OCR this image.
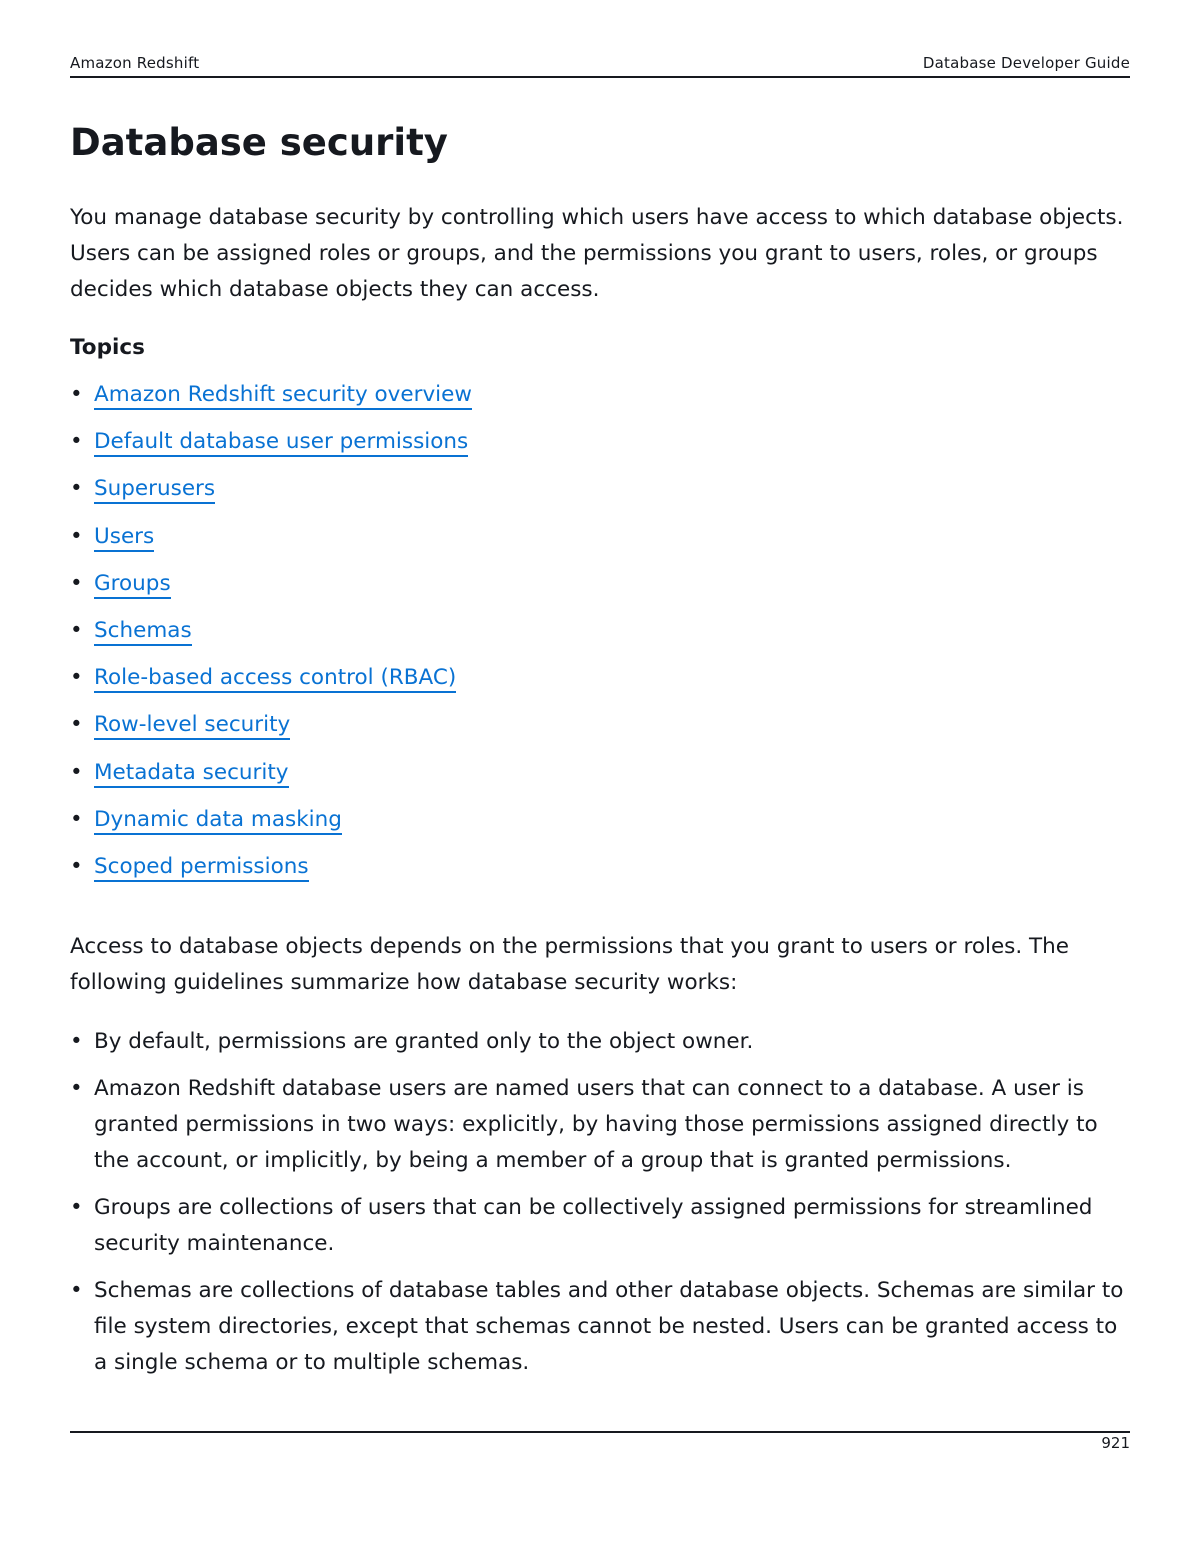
Amazon Redshift	Database Developer Guide
Database security

You manage database security by controlling which users have access to which database objects. Users can be assigned roles or groups, and the permissions you grant to users, roles, or groups decides which database objects they can access.

Topics

• Amazon Redshift security overview
• Default database user permissions
• Superusers
• Users
• Groups
• Schemas
• Role-based access control (RBAC)
• Row-level security
• Metadata security
• Dynamic data masking
• Scoped permissions

Access to database objects depends on the permissions that you grant to users or roles. The following guidelines summarize how database security works:

• By default, permissions are granted only to the object owner.
• Amazon Redshift database users are named users that can connect to a database. A user is granted permissions in two ways: explicitly, by having those permissions assigned directly to the account, or implicitly, by being a member of a group that is granted permissions.
• Groups are collections of users that can be collectively assigned permissions for streamlined security maintenance.
• Schemas are collections of database tables and other database objects. Schemas are similar to file system directories, except that schemas cannot be nested. Users can be granted access to a single schema or to multiple schemas.
921
